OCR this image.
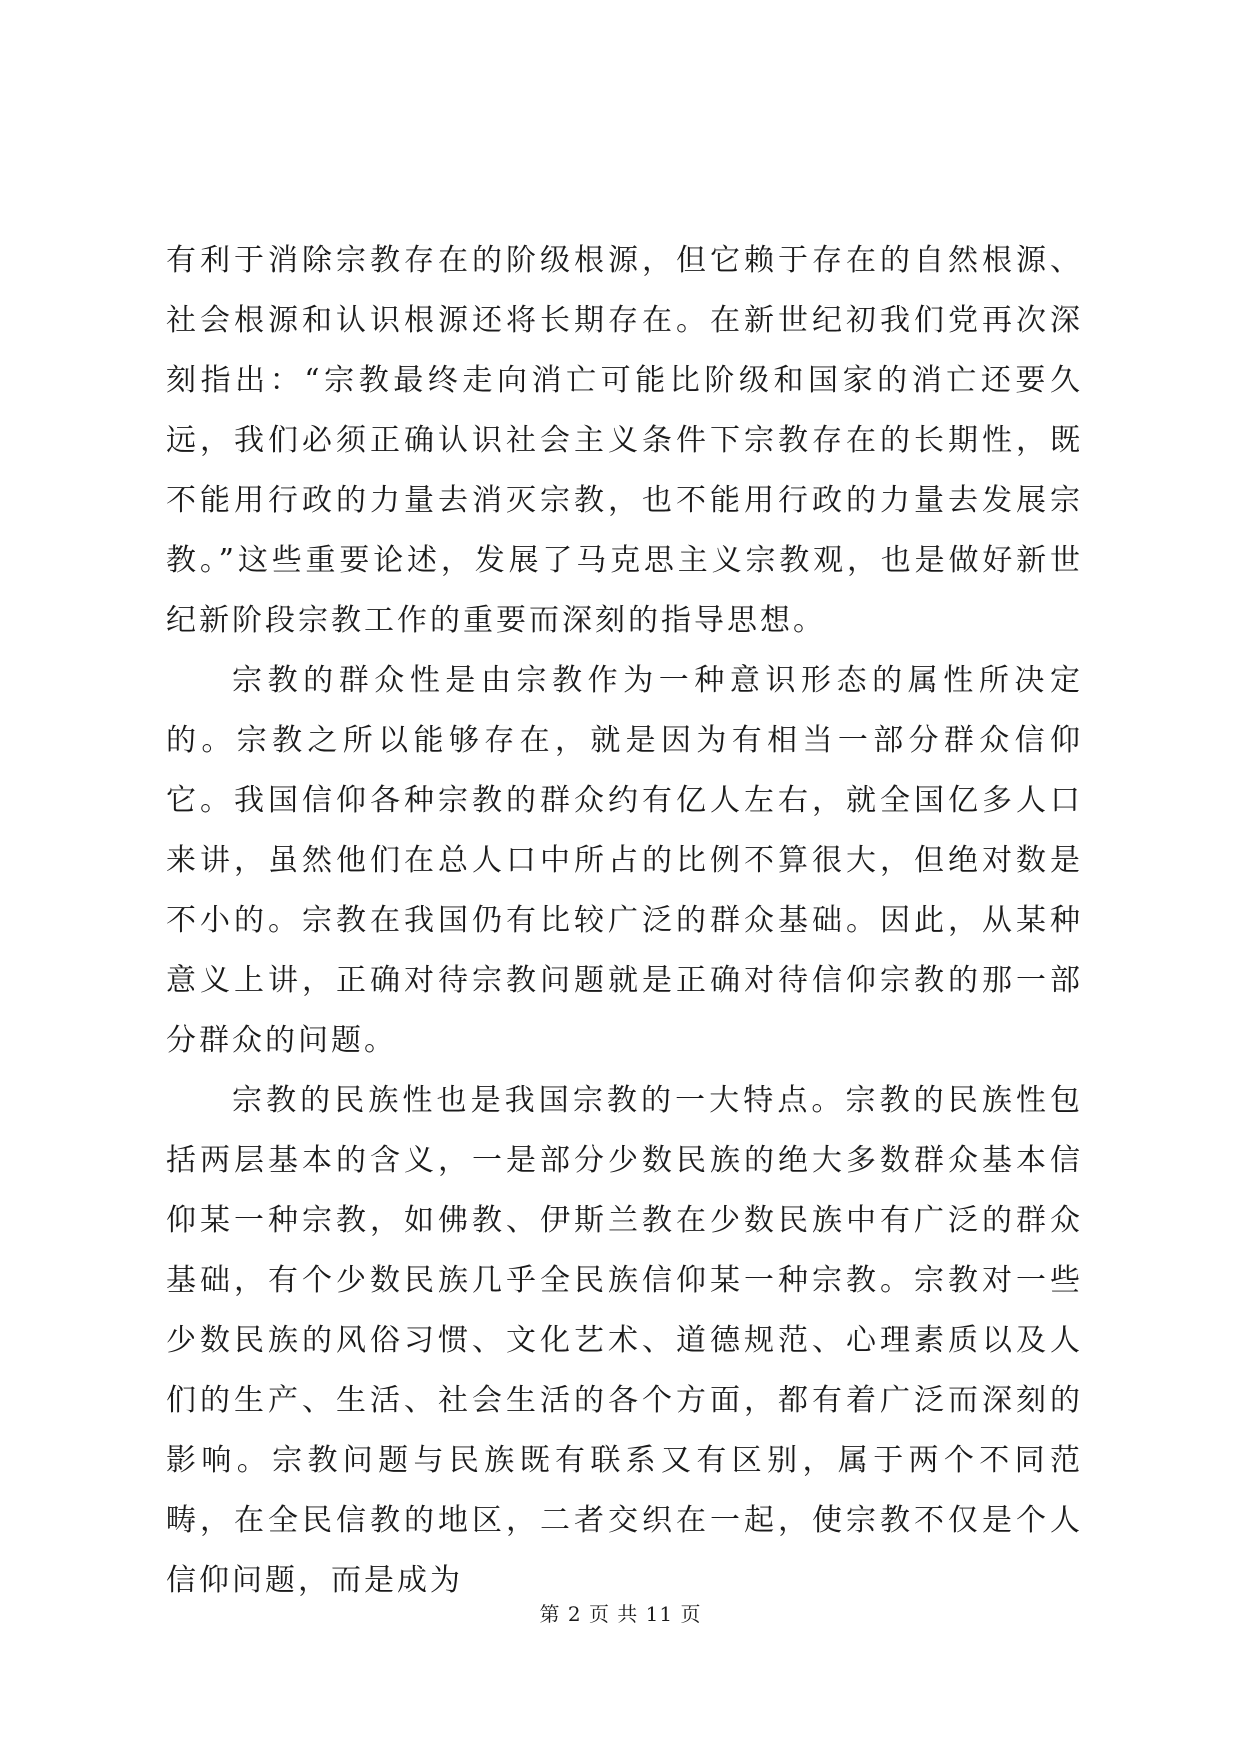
有利于消除宗教存在的阶级根源，但它赖于存在的自然根源、社会根源和认识根源还将长期存在。在新世纪初我们党再次深刻指出：“宗教最终走向消亡可能比阶级和国家的消亡还要久远，我们必须正确认识社会主义条件下宗教存在的长期性，既不能用行政的力量去消灭宗教，也不能用行政的力量去发展宗教。”这些重要论述，发展了马克思主义宗教观，也是做好新世纪新阶段宗教工作的重要而深刻的指导思想。

宗教的群众性是由宗教作为一种意识形态的属性所决定的。宗教之所以能够存在，就是因为有相当一部分群众信仰它。我国信仰各种宗教的群众约有亿人左右，就全国亿多人口来讲，虽然他们在总人口中所占的比例不算很大，但绝对数是不小的。宗教在我国仍有比较广泛的群众基础。因此，从某种意义上讲，正确对待宗教问题就是正确对待信仰宗教的那一部分群众的问题。

宗教的民族性也是我国宗教的一大特点。宗教的民族性包括两层基本的含义，一是部分少数民族的绝大多数群众基本信仰某一种宗教，如佛教、伊斯兰教在少数民族中有广泛的群众基础，有个少数民族几乎全民族信仰某一种宗教。宗教对一些少数民族的风俗习惯、文化艺术、道德规范、心理素质以及人们的生产、生活、社会生活的各个方面，都有着广泛而深刻的影响。宗教问题与民族既有联系又有区别，属于两个不同范畴，在全民信教的地区，二者交织在一起，使宗教不仅是个人信仰问题，而是成为

第 2 页 共 11 页
